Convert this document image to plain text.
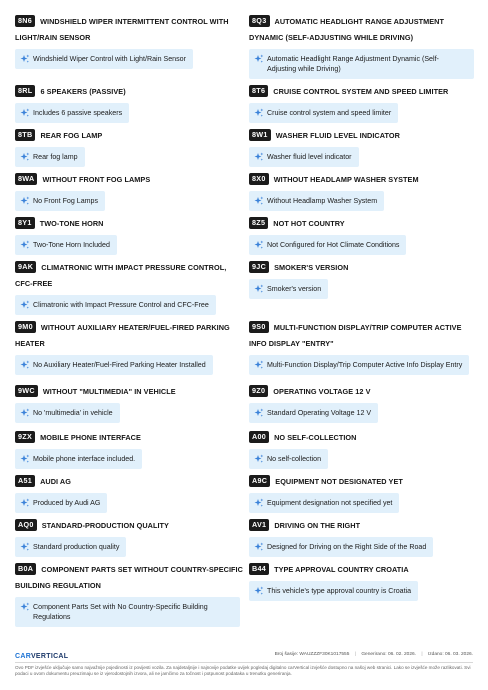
8N6 WINDSHIELD WIPER INTERMITTENT CONTROL WITH LIGHT/RAIN SENSOR
Windshield Wiper Control with Light/Rain Sensor
8RL 6 SPEAKERS (PASSIVE)
Includes 6 passive speakers
8TB REAR FOG LAMP
Rear fog lamp
8WA WITHOUT FRONT FOG LAMPS
No Front Fog Lamps
8Y1 TWO-TONE HORN
Two-Tone Horn Included
9AK CLIMATRONIC WITH IMPACT PRESSURE CONTROL, CFC-FREE
Climatronic with Impact Pressure Control and CFC-Free
9M0 WITHOUT AUXILIARY HEATER/FUEL-FIRED PARKING HEATER
No Auxiliary Heater/Fuel-Fired Parking Heater Installed
9WC WITHOUT "MULTIMEDIA" IN VEHICLE
No 'multimedia' in vehicle
9ZX MOBILE PHONE INTERFACE
Mobile phone interface included.
A51 AUDI AG
Produced by Audi AG
AQ0 STANDARD-PRODUCTION QUALITY
Standard production quality
B0A COMPONENT PARTS SET WITHOUT COUNTRY-SPECIFIC BUILDING REGULATION
Component Parts Set with No Country-Specific Building Regulations
8Q3 AUTOMATIC HEADLIGHT RANGE ADJUSTMENT DYNAMIC (SELF-ADJUSTING WHILE DRIVING)
Automatic Headlight Range Adjustment Dynamic (Self-Adjusting while Driving)
8T6 CRUISE CONTROL SYSTEM AND SPEED LIMITER
Cruise control system and speed limiter
8W1 WASHER FLUID LEVEL INDICATOR
Washer fluid level indicator
8X0 WITHOUT HEADLAMP WASHER SYSTEM
Without Headlamp Washer System
8Z5 NOT HOT COUNTRY
Not Configured for Hot Climate Conditions
9JC SMOKER'S VERSION
Smoker's version
9S0 MULTI-FUNCTION DISPLAY/TRIP COMPUTER ACTIVE INFO DISPLAY "ENTRY"
Multi-Function Display/Trip Computer Active Info Display Entry
9Z0 OPERATING VOLTAGE 12 V
Standard Operating Voltage 12 V
A00 NO SELF-COLLECTION
No self-collection
A9C EQUIPMENT NOT DESIGNATED YET
Equipment designation not specified yet
AV1 DRIVING ON THE RIGHT
Designed for Driving on the Right Side of the Road
B44 TYPE APPROVAL COUNTRY CROATIA
This vehicle's type approval country is Croatia
CARVERTICAL	Broj šasije: WAUZZZF30K1017555 | Generirano: 06. 02. 2026. | Izdano: 06. 03. 2026.
Ovo PDF izvješće uključuje samo najvažnije pojedinosti iz povijesti vozila. Za najdetaljnije i najnovije podatke uvijek pogledaj digitalno carVertical izvješće dostupno na našoj web stranici. Lako se izvješće može razlikovati. Svi podaci u ovom dokumentu preuzimaju se iz vjerodostojnih izvora, ali ne jamčimo za točnost i potpunost podataka u trenutku generiranja.
